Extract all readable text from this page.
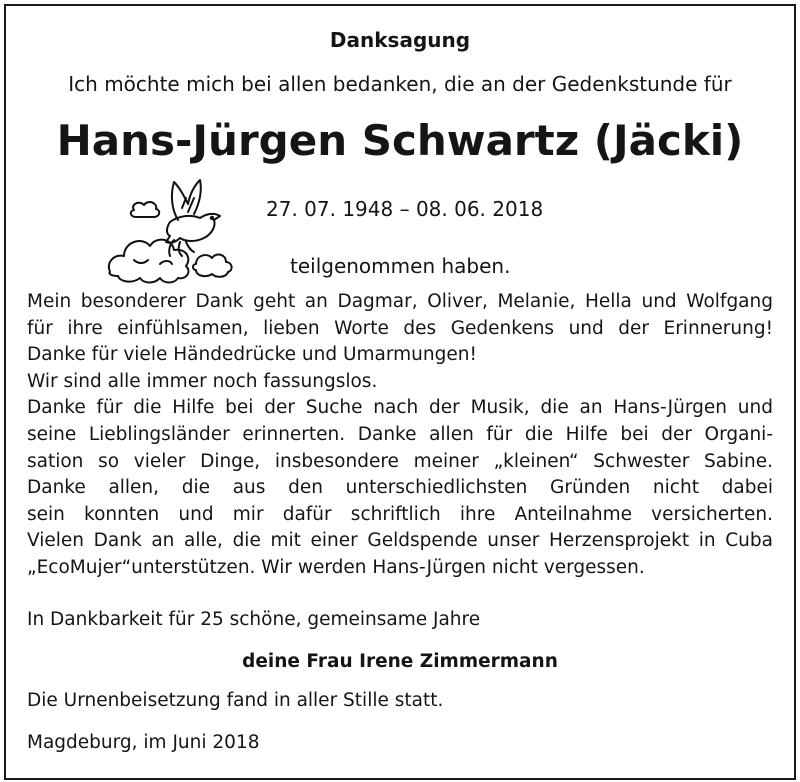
Danksagung
Ich möchte mich bei allen bedanken, die an der Gedenkstunde für
Hans-Jürgen Schwartz (Jäcki)
27. 07. 1948 – 08. 06. 2018
teilgenommen haben.
Mein besonderer Dank geht an Dagmar, Oliver, Melanie, Hella und Wolfgang
für ihre einfühlsamen, lieben Worte des Gedenkens und der Erinnerung!
Danke für viele Händedrücke und Umarmungen!
Wir sind alle immer noch fassungslos.
Danke für die Hilfe bei der Suche nach der Musik, die an Hans-Jürgen und
seine Lieblingsländer erinnerten. Danke allen für die Hilfe bei der Organi-
sation so vieler Dinge, insbesondere meiner „kleinen“ Schwester Sabine.
Danke allen, die aus den unterschiedlichsten Gründen nicht dabei
sein konnten und mir dafür schriftlich ihre Anteilnahme versicherten.
Vielen Dank an alle, die mit einer Geldspende unser Herzensprojekt in Cuba
„EcoMujer“unterstützen. Wir werden Hans-Jürgen nicht vergessen.
In Dankbarkeit für 25 schöne, gemeinsame Jahre
deine Frau Irene Zimmermann
Die Urnenbeisetzung fand in aller Stille statt.
Magdeburg, im Juni 2018
